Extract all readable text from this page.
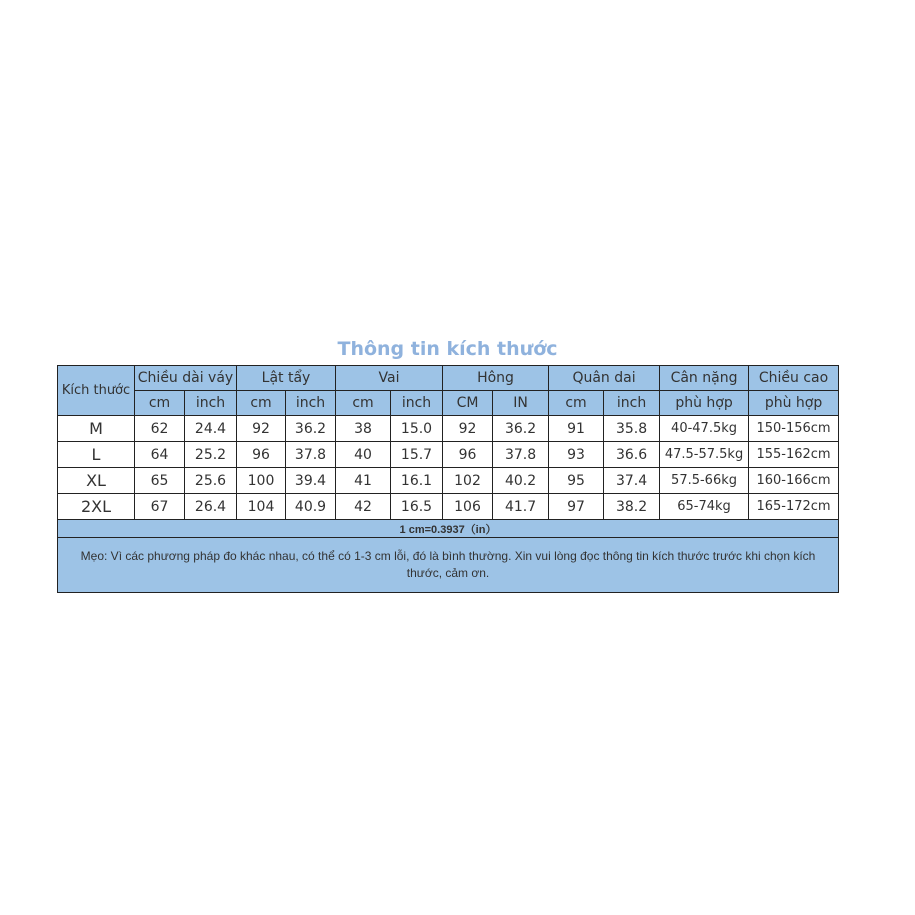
Thông tin kích thước
Kích thước	Chiều dài váy		Lật tẩy		Vai		Hông		Quân dai		Cân nặng	Chiều cao
	cm	inch	cm	inch	cm	inch	CM	IN	cm	inch	phù hợp	phù hợp
M	62	24.4	92	36.2	38	15.0	92	36.2	91	35.8	40-47.5kg	150-156cm
L	64	25.2	96	37.8	40	15.7	96	37.8	93	36.6	47.5-57.5kg	155-162cm
XL	65	25.6	100	39.4	41	16.1	102	40.2	95	37.4	57.5-66kg	160-166cm
2XL	67	26.4	104	40.9	42	16.5	106	41.7	97	38.2	65-74kg	165-172cm
1 cm=0.3937（in）												
Mẹo: Vì các phương pháp đo khác nhau, có thể có 1-3 cm lỗi, đó là bình thường. Xin vui lòng đọc thông tin kích thước trước khi chọn kích thước, cảm ơn.												
